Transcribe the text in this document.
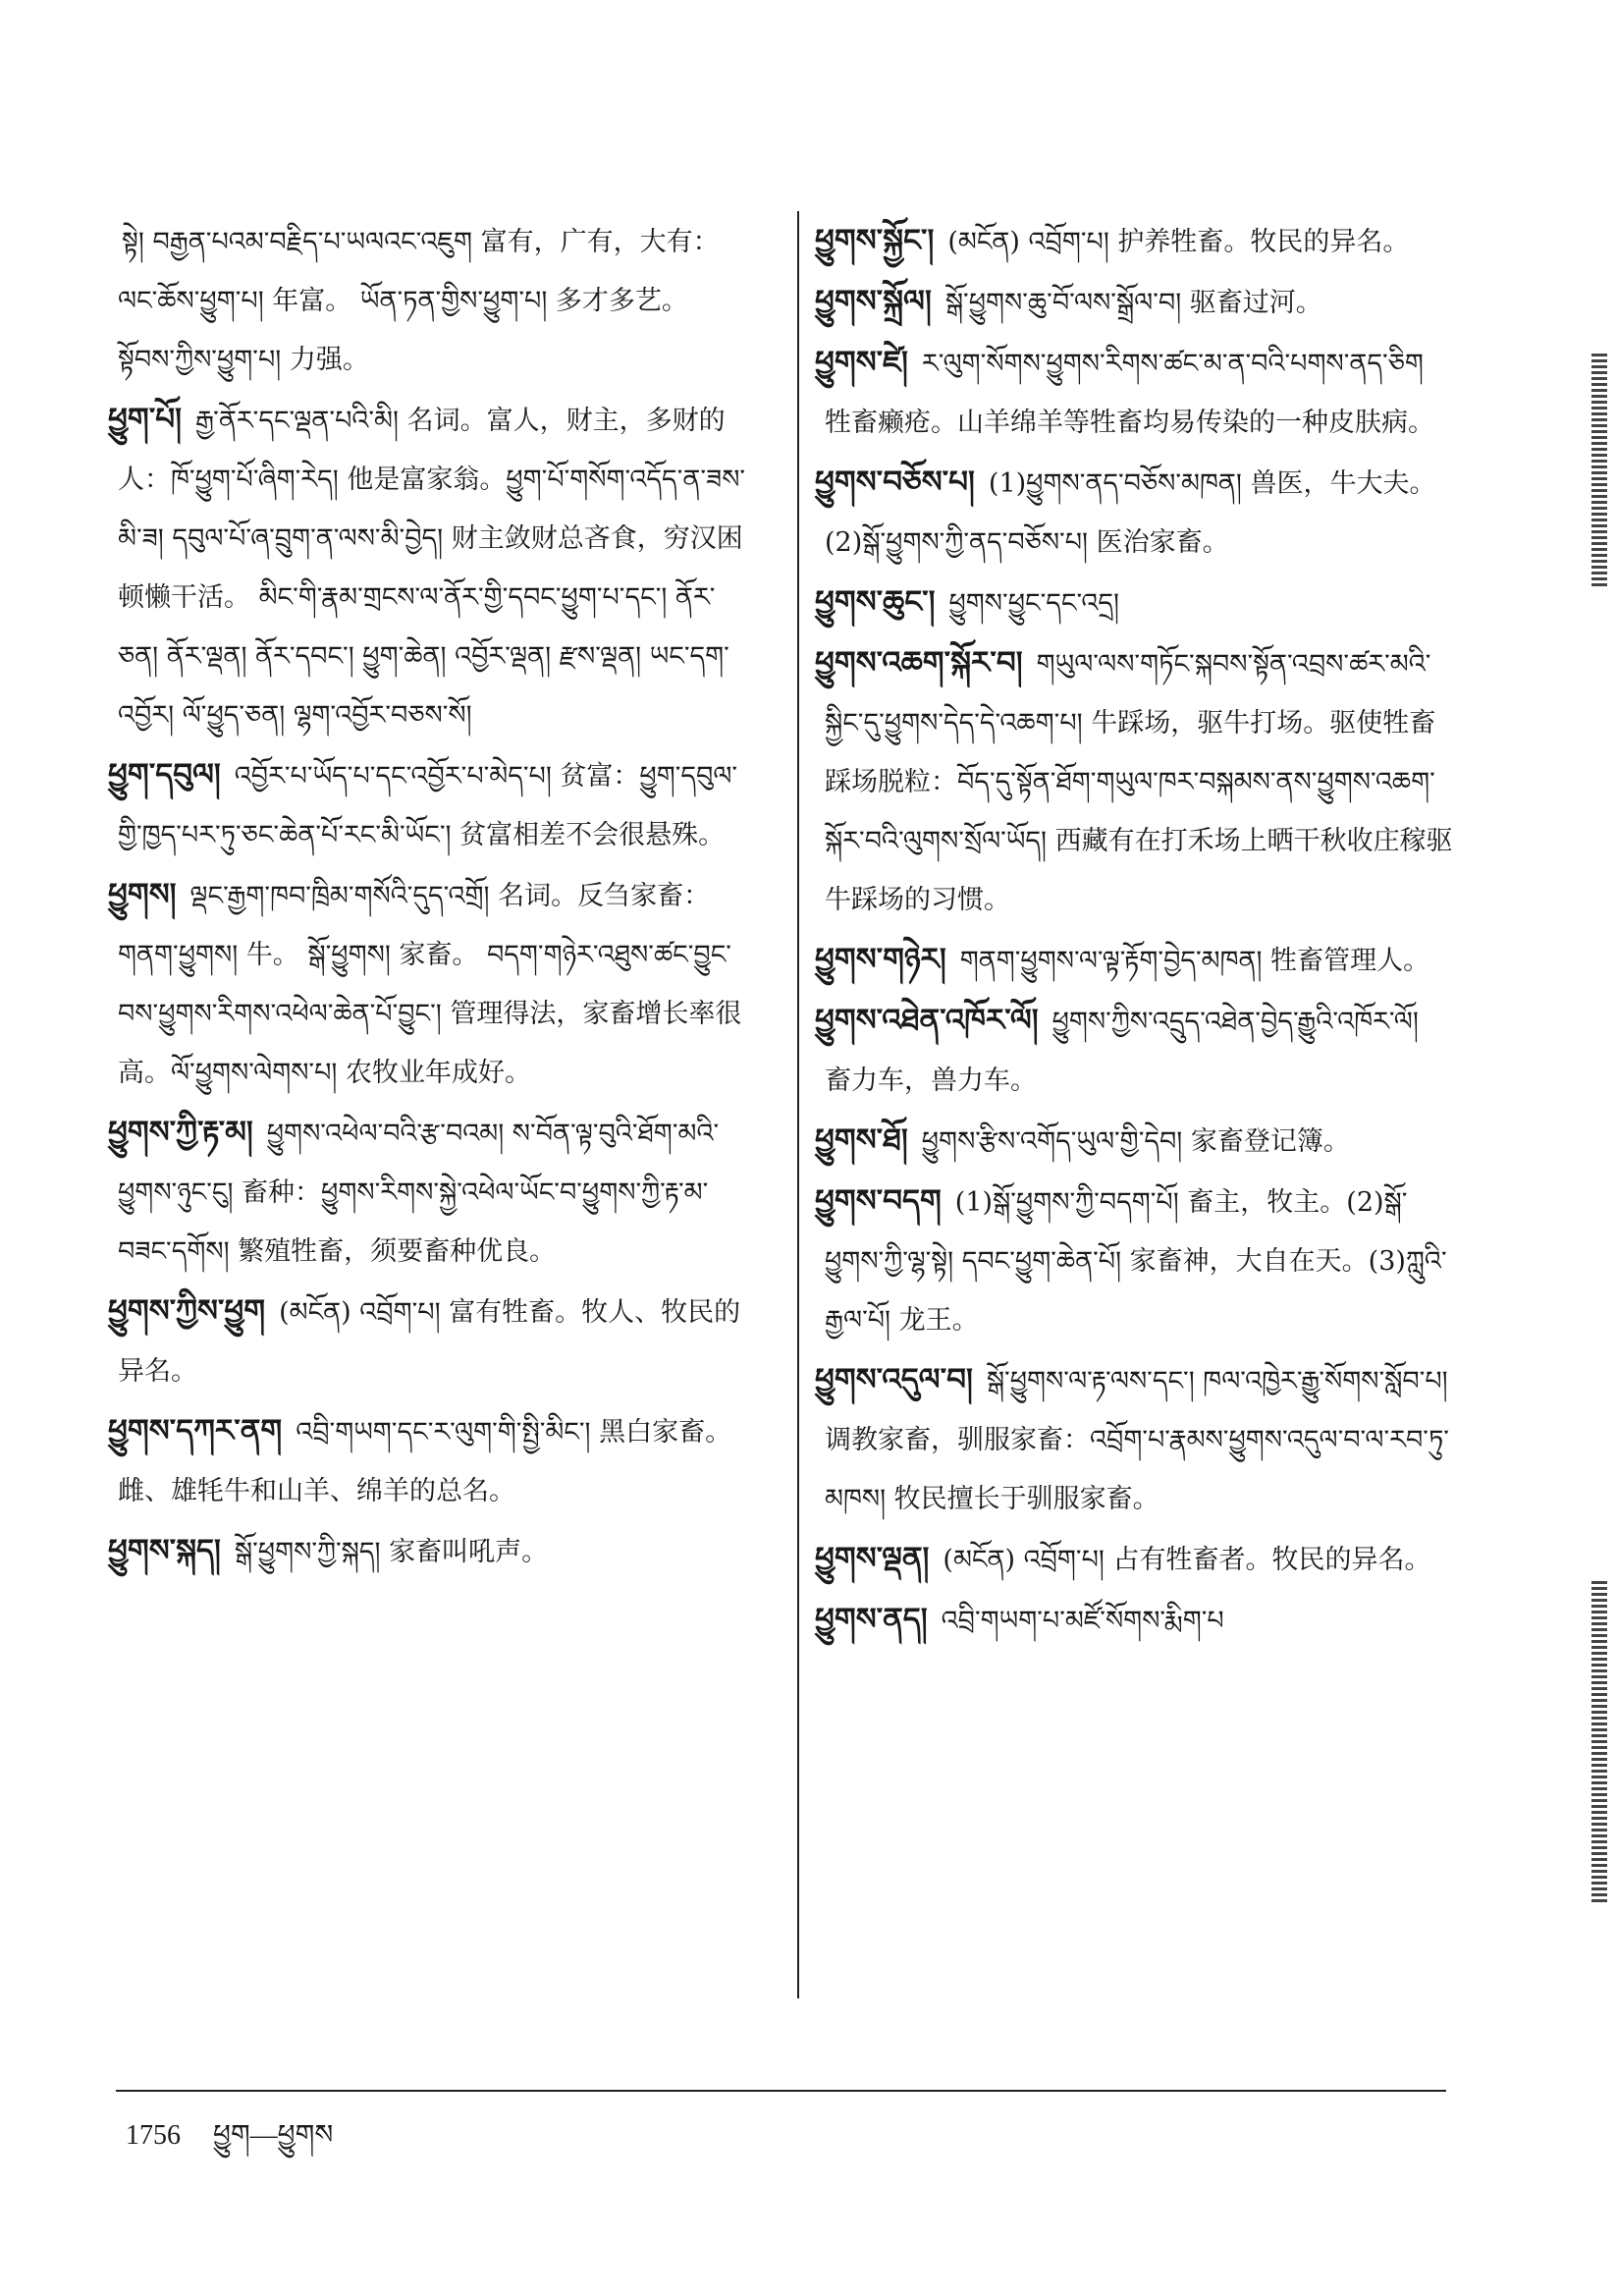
སྟེ། བརྒྱན་པའམ་བརྗིད་པ་ཡལའང་འཇུག 富有，广有，大有：ལང་ཆོས་ཕྱུག་པ། 年富。 ཡོན་ཏན་གྱིས་ཕྱུག་པ། 多才多艺。 སྟོབས་ཀྱིས་ཕྱུག་པ། 力强。

ཕྱུག་པོ། རྒྱ་ནོར་དང་ལྡན་པའི་མི། 名词。富人，财主，多财的人：ཁོ་ཕྱུག་པོ་ཞིག་རེད། 他是富家翁。ཕྱུག་པོ་གསོག་འདོད་ན་ཟས་མི་ཟ། དབུལ་པོ་ཞ་བྲུག་ན་ལས་མི་བྱེད། 财主敛财总吝食，穷汉困顿懒干活。 མིང་གི་རྣམ་གྲངས་ལ་ནོར་གྱི་དབང་ཕྱུག་པ་དང་། ནོར་ཅན། ནོར་ལྡན། ནོར་དབང་། ཕྱུག་ཆེན། འབྱོར་ལྡན། རྫས་ལྡན། ཡང་དག་འབྱོར། ལོ་ཕྱུད་ཅན། ལྷག་འབྱོར་བཅས་སོ།

ཕྱུག་དབུལ། འབྱོར་པ་ཡོད་པ་དང་འབྱོར་པ་མེད་པ། 贫富：ཕྱུག་དབུལ་གྱི་ཁྱད་པར་ཏུ་ཅང་ཆེན་པོ་རང་མི་ཡོང་། 贫富相差不会很悬殊。

ཕྱུགས། ལྡང་རྒྱག་ཁབ་ཁྲིམ་གསོའི་དུད་འགྲོ། 名词。反刍家畜：གནག་ཕྱུགས། 牛。 སྒོ་ཕྱུགས། 家畜。 བདག་གཉེར་འཐུས་ཚང་བྱུང་བས་ཕྱུགས་རིགས་འཕེལ་ཆེན་པོ་བྱུང་། 管理得法，家畜增长率很高。ལོ་ཕྱུགས་ལེགས་པ། 农牧业年成好。

ཕྱུགས་ཀྱི་རྟ་མ། ཕྱུགས་འཕེལ་བའི་རྩ་བའམ། ས་བོན་ལྟ་བུའི་ཐོག་མའི་ཕྱུགས་ཉུང་ངུ། 畜种：ཕྱུགས་རིགས་སྐྱེ་འཕེལ་ཡོང་བ་ཕྱུགས་ཀྱི་རྟ་མ་བཟང་དགོས། 繁殖牲畜，须要畜种优良。

ཕྱུགས་ཀྱིས་ཕྱུག (མངོན) འབྲོག་པ། 富有牲畜。牧人、牧民的异名。

ཕྱུགས་དཀར་ནག འབྲི་གཡག་དང་ར་ལུག་གི་སྤྱི་མིང་། 黑白家畜。雌、雄牦牛和山羊、绵羊的总名。

ཕྱུགས་སྐད། སྒོ་ཕྱུགས་ཀྱི་སྐད། 家畜叫吼声。

ཕྱུགས་སྐྱོང་། (མངོན) འབྲོག་པ། 护养牲畜。牧民的异名。

ཕྱུགས་སྐྲོལ། སྒོ་ཕྱུགས་ཆུ་བོ་ལས་སྒྲོལ་བ། 驱畜过河。

ཕྱུགས་ཛེ། ར་ལུག་སོགས་ཕྱུགས་རིགས་ཚང་མ་ན་བའི་པགས་ནད་ཅིག 牲畜癞疮。山羊绵羊等牲畜均易传染的一种皮肤病。

ཕྱུགས་བཅོས་པ། (1)ཕྱུགས་ནད་བཅོས་མཁན། 兽医，牛大夫。 (2)སྒོ་ཕྱུགས་ཀྱི་ནད་བཅོས་པ། 医治家畜。

ཕྱུགས་ཆུང་། ཕྱུགས་ཕྱུང་དང་འདྲ།

ཕྱུགས་འཆག་སྐོར་བ། གཡུལ་ལས་གཏོང་སྐབས་སྟོན་འབྲས་ཚར་མའི་སྐྱིང་དུ་ཕྱུགས་དེད་དེ་འཆག་པ། 牛踩场，驱牛打场。驱使牲畜踩场脱粒：བོད་དུ་སྟོན་ཐོག་གཡུལ་ཁར་བསྐམས་ནས་ཕྱུགས་འཆག་སྐོར་བའི་ལུགས་སྲོལ་ཡོད། 西藏有在打禾场上晒干秋收庄稼驱牛踩场的习惯。

ཕྱུགས་གཉེར། གནག་ཕྱུགས་ལ་ལྟ་རྟོག་བྱེད་མཁན། 牲畜管理人。

ཕྱུགས་འཐེན་འཁོར་ལོ། ཕྱུགས་ཀྱིས་འདྲུད་འཐེན་བྱེད་རྒྱུའི་འཁོར་ལོ། 畜力车，兽力车。

ཕྱུགས་ཐོ། ཕྱུགས་རྩིས་འགོད་ཡུལ་གྱི་དེབ། 家畜登记簿。

ཕྱུགས་བདག (1)སྒོ་ཕྱུགས་ཀྱི་བདག་པོ། 畜主，牧主。(2)སྒོ་ཕྱུགས་ཀྱི་ལྷ་སྟེ། དབང་ཕྱུག་ཆེན་པོ། 家畜神，大自在天。(3)ཀླུའི་རྒྱལ་པོ། 龙王。

ཕྱུགས་འདུལ་བ། སྒོ་ཕྱུགས་ལ་རྟ་ལས་དང་། ཁལ་འཁྱེར་རྒྱུ་སོགས་སློབ་པ། 调教家畜，驯服家畜：འབྲོག་པ་རྣམས་ཕྱུགས་འདུལ་བ་ལ་རབ་ཏུ་མཁས། 牧民擅长于驯服家畜。

ཕྱུགས་ལྡན། (མངོན) འབྲོག་པ། 占有牲畜者。牧民的异名。

ཕྱུགས་ནད། འབྲི་གཡག་པ་མཛོ་སོགས་རྨིག་པ

1756 ཕྱུག—ཕྱུགས
